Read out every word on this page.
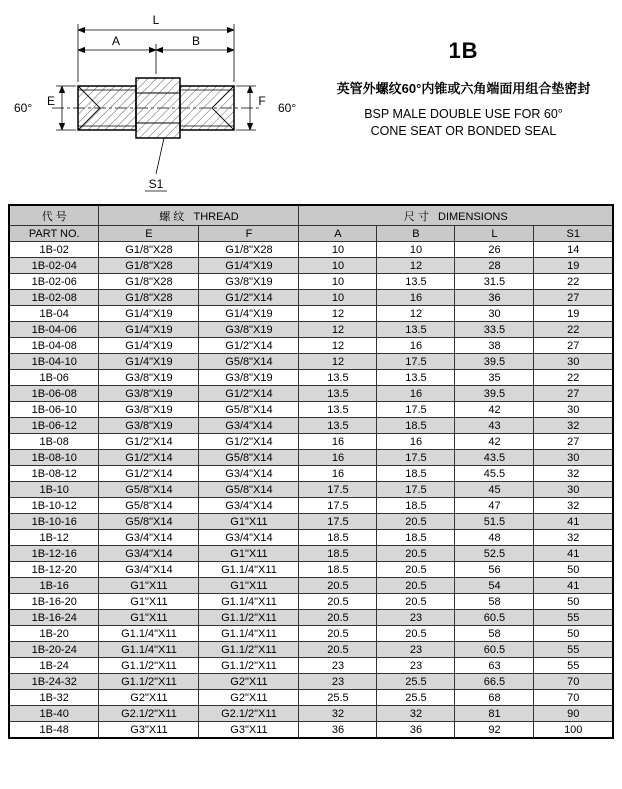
L
A	B
E	F
60°	60°
S1
1B
英管外螺纹60°内锥或六角端面用组合垫密封
BSP MALE DOUBLE USE FOR 60°
CONE SEAT OR BONDED SEAL
代 号	螺 纹 THREAD		尺 寸 DIMENSIONS			
PART NO.	E	F	A	B	L	S1
1B-02	G1/8"X28	G1/8"X28	10	10	26	14
1B-02-04	G1/8"X28	G1/4"X19	10	12	28	19
1B-02-06	G1/8"X28	G3/8"X19	10	13.5	31.5	22
1B-02-08	G1/8"X28	G1/2"X14	10	16	36	27
1B-04	G1/4"X19	G1/4"X19	12	12	30	19
1B-04-06	G1/4"X19	G3/8"X19	12	13.5	33.5	22
1B-04-08	G1/4"X19	G1/2"X14	12	16	38	27
1B-04-10	G1/4"X19	G5/8"X14	12	17.5	39.5	30
1B-06	G3/8"X19	G3/8"X19	13.5	13.5	35	22
1B-06-08	G3/8"X19	G1/2"X14	13.5	16	39.5	27
1B-06-10	G3/8"X19	G5/8"X14	13.5	17.5	42	30
1B-06-12	G3/8"X19	G3/4"X14	13.5	18.5	43	32
1B-08	G1/2"X14	G1/2"X14	16	16	42	27
1B-08-10	G1/2"X14	G5/8"X14	16	17.5	43.5	30
1B-08-12	G1/2"X14	G3/4"X14	16	18.5	45.5	32
1B-10	G5/8"X14	G5/8"X14	17.5	17.5	45	30
1B-10-12	G5/8"X14	G3/4"X14	17.5	18.5	47	32
1B-10-16	G5/8"X14	G1"X11	17.5	20.5	51.5	41
1B-12	G3/4"X14	G3/4"X14	18.5	18.5	48	32
1B-12-16	G3/4"X14	G1"X11	18.5	20.5	52.5	41
1B-12-20	G3/4"X14	G1.1/4"X11	18.5	20.5	56	50
1B-16	G1"X11	G1"X11	20.5	20.5	54	41
1B-16-20	G1"X11	G1.1/4"X11	20.5	20.5	58	50
1B-16-24	G1"X11	G1.1/2"X11	20.5	23	60.5	55
1B-20	G1.1/4"X11	G1.1/4"X11	20.5	20.5	58	50
1B-20-24	G1.1/4"X11	G1.1/2"X11	20.5	23	60.5	55
1B-24	G1.1/2"X11	G1.1/2"X11	23	23	63	55
1B-24-32	G1.1/2"X11	G2"X11	23	25.5	66.5	70
1B-32	G2"X11	G2"X11	25.5	25.5	68	70
1B-40	G2.1/2"X11	G2.1/2"X11	32	32	81	90
1B-48	G3"X11	G3"X11	36	36	92	100
